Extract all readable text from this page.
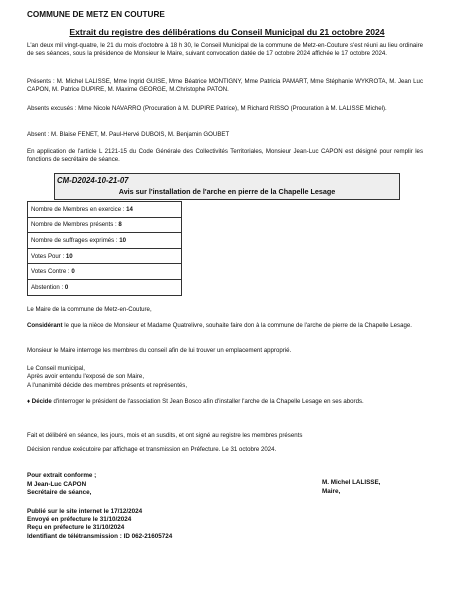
COMMUNE DE METZ EN COUTURE
Extrait du registre des délibérations du Conseil Municipal du 21 octobre 2024

L'an deux mil vingt-quatre, le 21 du mois d'octobre à 18 h 30, le Conseil Municipal de la commune de Metz-en-Couture s'est réuni au lieu ordinaire de ses séances, sous la présidence de Monsieur le Maire, suivant convocation datée de 17 octobre 2024 affichée le 17 octobre 2024.

Présents : M. Michel LALISSE, Mme Ingrid GUISE, Mme Béatrice MONTIGNY, Mme Patricia PAMART, Mme Stéphanie WYKROTA, M. Jean Luc CAPON, M. Patrice DUPIRE, M. Maxime GEORGE, M.Christophe PATON.

Absents excusés : Mme Nicole NAVARRO (Procuration à M. DUPIRE Patrice), M Richard RISSO (Procuration à M. LALISSE Michel).

Absent : M. Blaise FENET, M. Paul-Hervé DUBOIS, M. Benjamin GOUBET

En application de l'article L 2121-15 du Code Générale des Collectivités Territoriales, Monsieur Jean-Luc CAPON est désigné pour remplir les fonctions de secrétaire de séance.

CM-D2024-10-21-07
Avis sur l'installation de l'arche en pierre de la Chapelle Lesage
Nombre de Membres en exercice : 14
Nombre de Membres présents : 8
Nombre de suffrages exprimés : 10
Votes Pour : 10
Votes Contre : 0
Abstention : 0

Le Maire de la commune de Metz-en-Couture,

Considérant le que la nièce de Monsieur et Madame Quatrelivre, souhaite faire don à la commune de l'arche de pierre de la Chapelle Lesage.

Monsieur le Maire interroge les membres du conseil afin de lui trouver un emplacement approprié.

Le Conseil municipal,
Après avoir entendu l'exposé de son Maire,
A l'unanimité décide des membres présents et représentés,

♦ Décide d'interroger le président de l'association St Jean Bosco afin d'installer l'arche de la Chapelle Lesage en ses abords.

Fait et délibéré en séance, les jours, mois et an susdits, et ont signé au registre les membres présents

Décision rendue exécutoire par affichage et transmission en Préfecture. Le 31 octobre 2024.

Pour extrait conforme ;
M Jean-Luc CAPON
Secrétaire de séance,
M. Michel LALISSE,
Maire,
Publié sur le site internet le 17/12/2024
Envoyé en préfecture le 31/10/2024
Reçu en préfecture le 31/10/2024
Identifiant de télétransmission : ID 062-21605724
